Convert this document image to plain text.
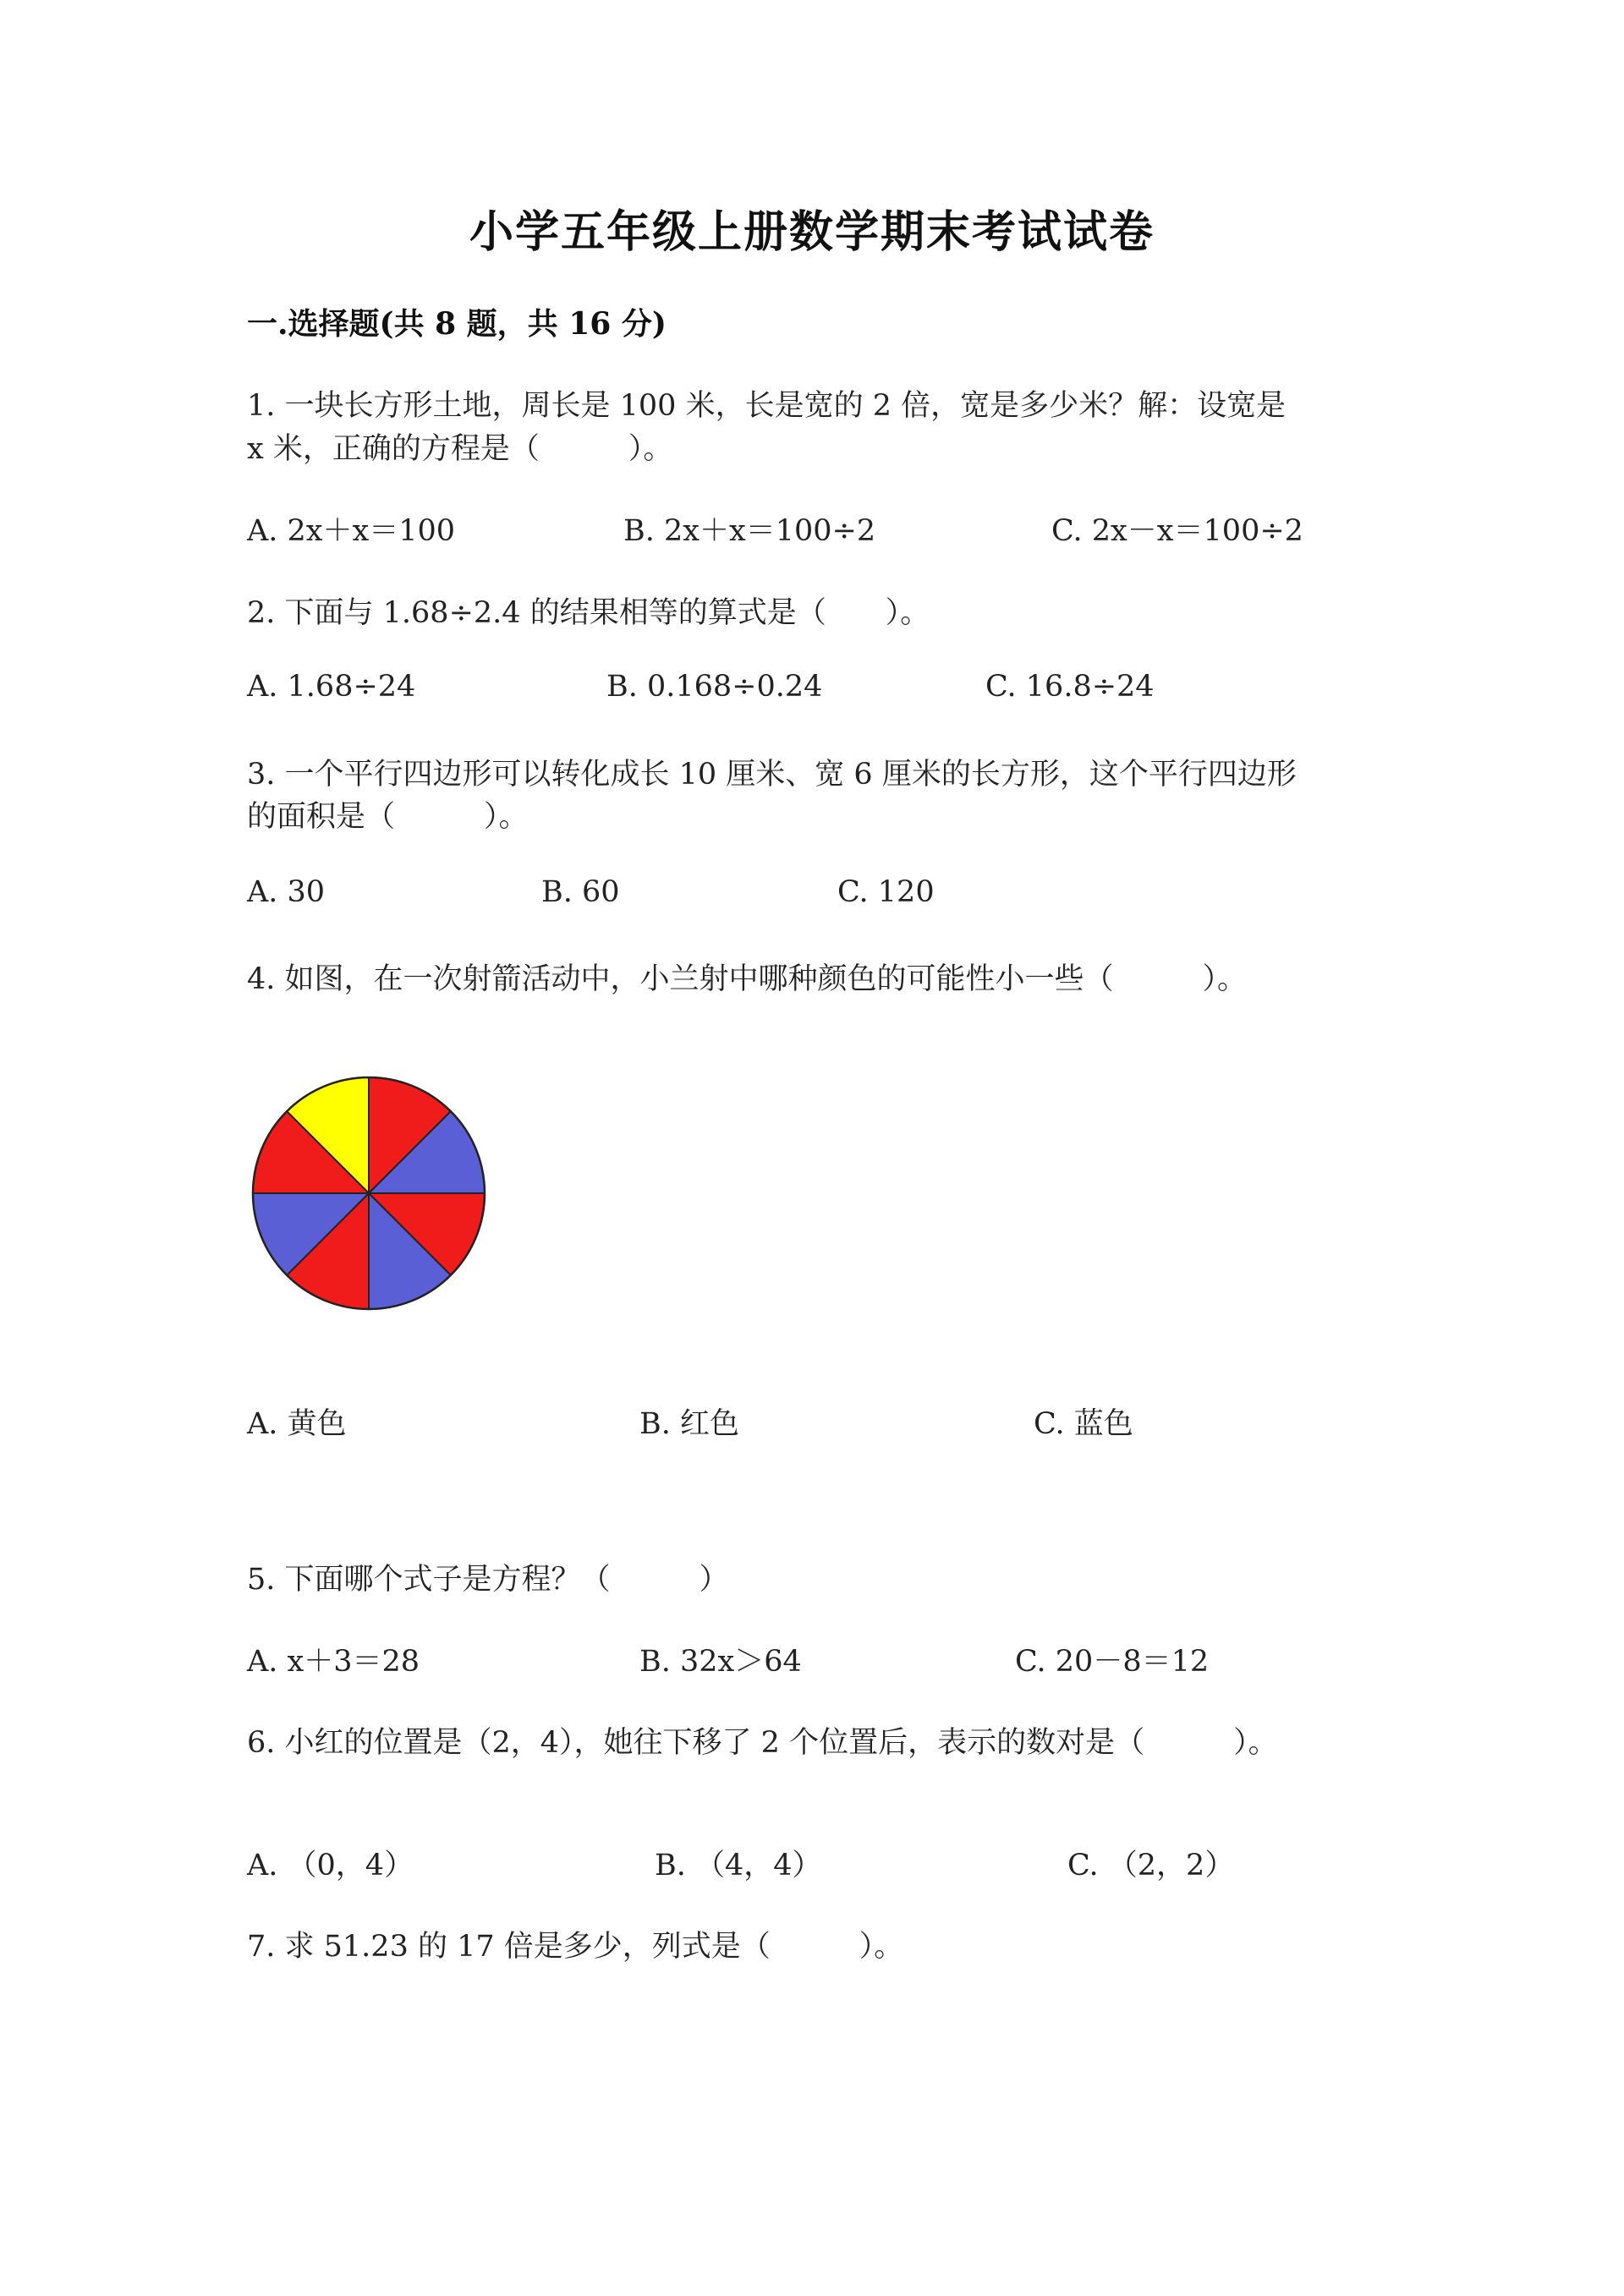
小学五年级上册数学期末考试试卷
一.选择题(共 8 题，共 16 分)
1. 一块长方形土地，周长是 100 米，长是宽的 2 倍，宽是多少米？解：设宽是
x 米，正确的方程是（　　　）。
A. 2x＋x＝100	B. 2x＋x＝100÷2	C. 2x－x＝100÷2
2. 下面与 1.68÷2.4 的结果相等的算式是（　　）。
A. 1.68÷24	B. 0.168÷0.24	C. 16.8÷24
3. 一个平行四边形可以转化成长 10 厘米、宽 6 厘米的长方形，这个平行四边形
的面积是（　　　）。
A. 30	B. 60	C. 120
4. 如图，在一次射箭活动中，小兰射中哪种颜色的可能性小一些（　　　）。
A. 黄色	B. 红色	C. 蓝色
5. 下面哪个式子是方程？（　　　）
A. x＋3＝28	B. 32x＞64	C. 20－8＝12
6. 小红的位置是（2，4），她往下移了 2 个位置后，表示的数对是（　　　）。
A. （0，4）	B. （4，4）	C. （2，2）
7. 求 51.23 的 17 倍是多少，列式是（　　　）。
